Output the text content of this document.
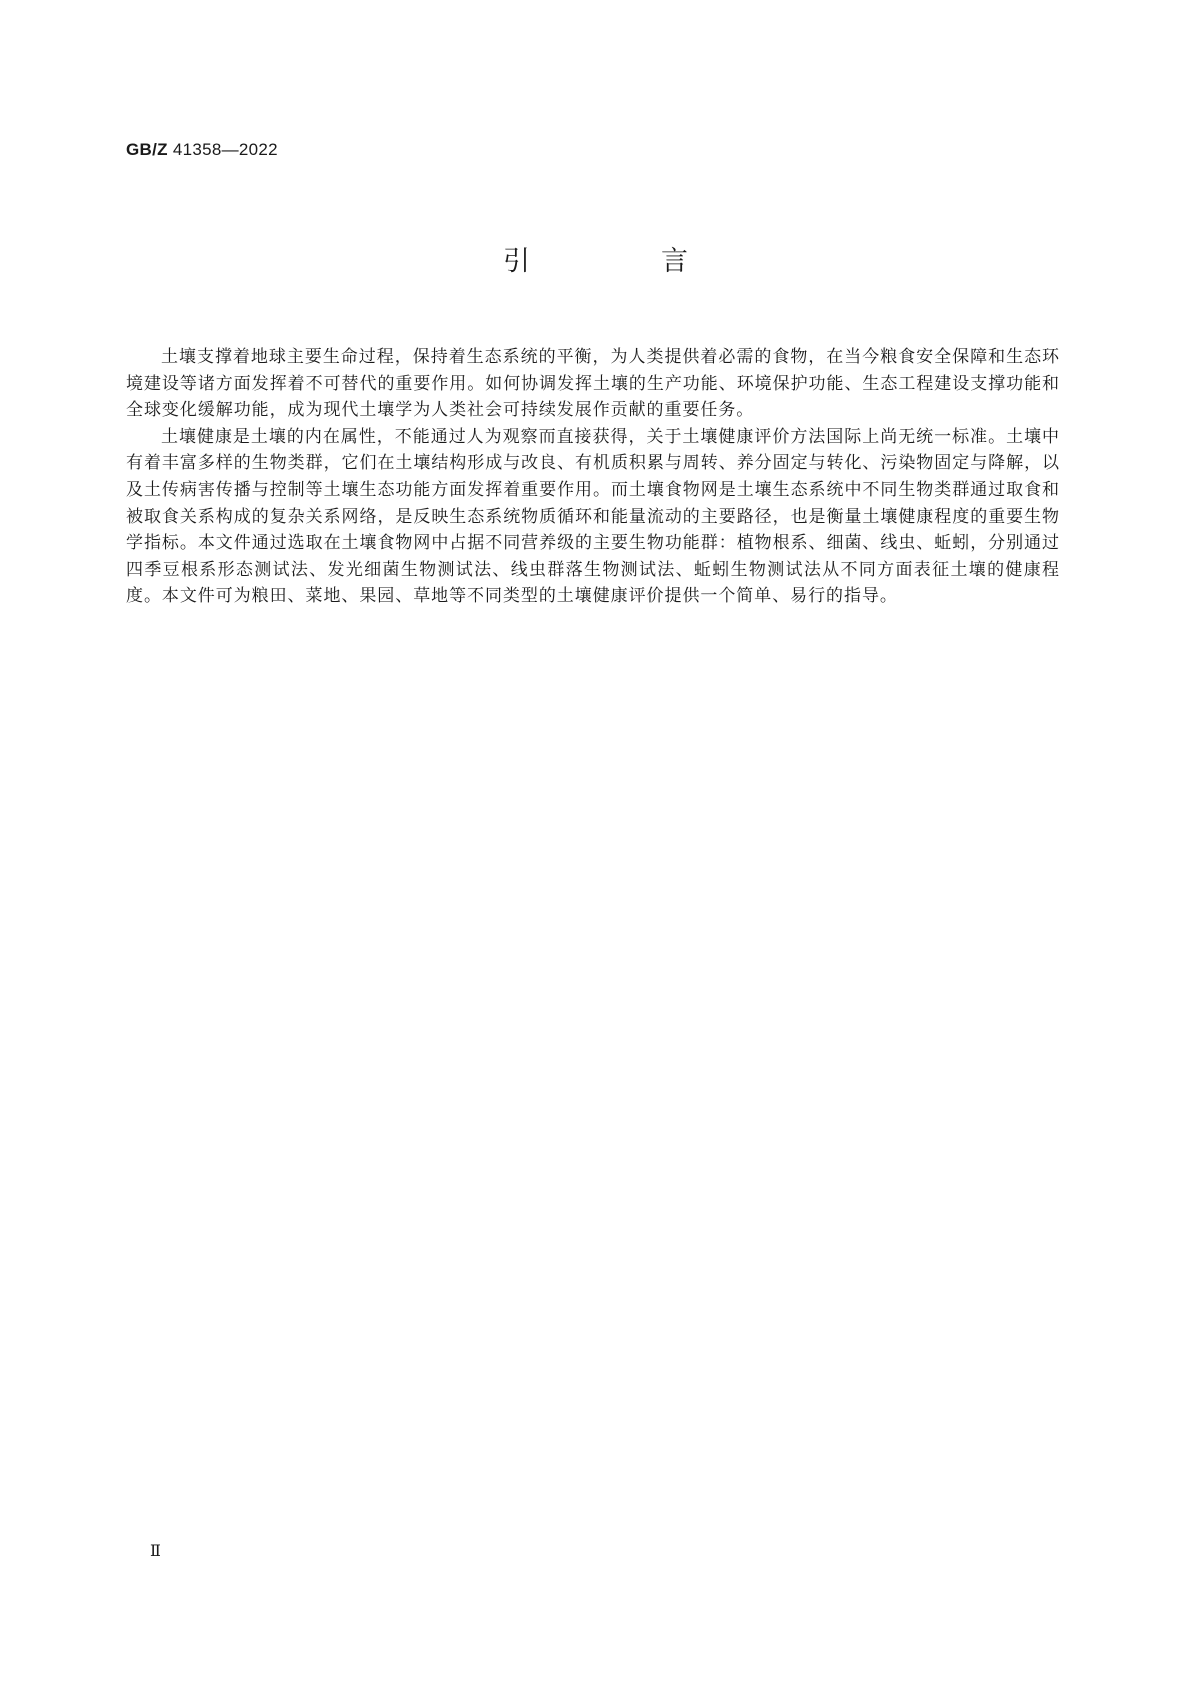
GB/Z 41358—2022
引　言

土壤支撑着地球主要生命过程，保持着生态系统的平衡，为人类提供着必需的食物，在当今粮食安全保障和生态环境建设等诸方面发挥着不可替代的重要作用。如何协调发挥土壤的生产功能、环境保护功能、生态工程建设支撑功能和全球变化缓解功能，成为现代土壤学为人类社会可持续发展作贡献的重要任务。

土壤健康是土壤的内在属性，不能通过人为观察而直接获得，关于土壤健康评价方法国际上尚无统一标准。土壤中有着丰富多样的生物类群，它们在土壤结构形成与改良、有机质积累与周转、养分固定与转化、污染物固定与降解，以及土传病害传播与控制等土壤生态功能方面发挥着重要作用。而土壤食物网是土壤生态系统中不同生物类群通过取食和被取食关系构成的复杂关系网络，是反映生态系统物质循环和能量流动的主要路径，也是衡量土壤健康程度的重要生物学指标。本文件通过选取在土壤食物网中占据不同营养级的主要生物功能群：植物根系、细菌、线虫、蚯蚓，分别通过四季豆根系形态测试法、发光细菌生物测试法、线虫群落生物测试法、蚯蚓生物测试法从不同方面表征土壤的健康程度。本文件可为粮田、菜地、果园、草地等不同类型的土壤健康评价提供一个简单、易行的指导。

Ⅱ
